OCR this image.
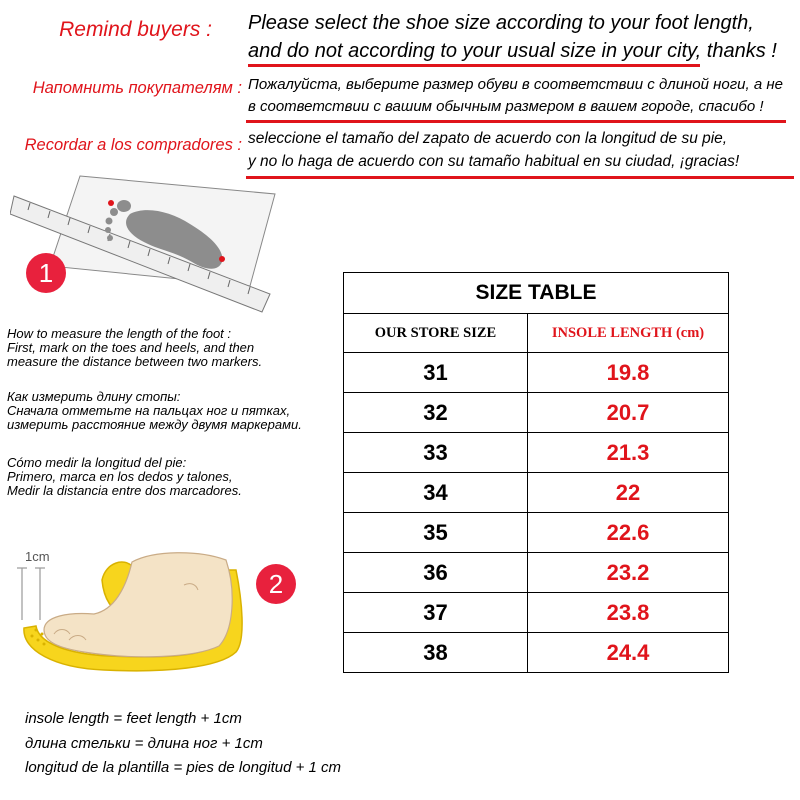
Remind buyers : Please select the shoe size according to your foot length,
and do not according to your usual size in your city, thanks !
Напомнить покупателям : Пожалуйста, выберите размер обуви в соответствии с длиной ноги, а не
в соответствии с вашим обычным размером в вашем городе, спасибо !
Recordar a los compradores : seleccione el tamaño del zapato de acuerdo con la longitud de su pie,
y no lo haga de acuerdo con su tamaño habitual en su ciudad, ¡gracias!
1
How to measure the length of the foot :
First, mark on the toes and heels, and then
measure the distance between two markers.
Как измерить длину стопы:
Сначала отметьте на пальцах ног и пятках,
измерить расстояние между двумя маркерами.
Cómo medir la longitud del pie:
Primero, marca en los dedos y talones,
Medir la distancia entre dos marcadores.
1cm
2
insole length = feet length + 1cm
длина стельки = длина ног + 1cm
longitud de la plantilla = pies de longitud + 1 cm
SIZE TABLE	
OUR STORE SIZE	INSOLE LENGTH (cm)
31	19.8
32	20.7
33	21.3
34	22
35	22.6
36	23.2
37	23.8
38	24.4
